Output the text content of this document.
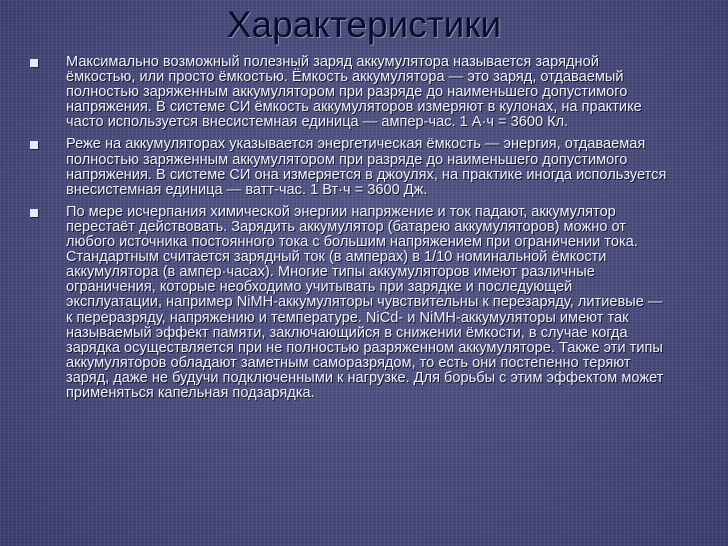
Характеристики
Максимально возможный полезный заряд аккумулятора называется зарядной ёмкостью, или просто ёмкостью. Ёмкость аккумулятора — это заряд, отдаваемый полностью заряженным аккумулятором при разряде до наименьшего допустимого напряжения. В системе СИ ёмкость аккумуляторов измеряют в кулонах, на практике часто используется внесистемная единица — ампер-час. 1 А·ч = 3600 Кл.
Реже на аккумуляторах указывается энергетическая ёмкость — энергия, отдаваемая полностью заряженным аккумулятором при разряде до наименьшего допустимого напряжения. В системе СИ она измеряется в джоулях, на практике иногда используется внесистемная единица — ватт-час. 1 Вт·ч = 3600 Дж.
По мере исчерпания химической энергии напряжение и ток падают, аккумулятор перестаёт действовать. Зарядить аккумулятор (батарею аккумуляторов) можно от любого источника постоянного тока с большим напряжением при ограничении тока. Стандартным считается зарядный ток (в амперах) в 1/10 номинальной ёмкости аккумулятора (в ампер·часах). Многие типы аккумуляторов имеют различные ограничения, которые необходимо учитывать при зарядке и последующей эксплуатации, например NiMH-аккумуляторы чувствительны к перезаряду, литиевые — к переразряду, напряжению и температуре. NiCd- и NiMH-аккумуляторы имеют так называемый эффект памяти, заключающийся в снижении ёмкости, в случае когда зарядка осуществляется при не полностью разряженном аккумуляторе. Также эти типы аккумуляторов обладают заметным саморазрядом, то есть они постепенно теряют заряд, даже не будучи подключенными к нагрузке. Для борьбы с этим эффектом может применяться капельная подзарядка.
